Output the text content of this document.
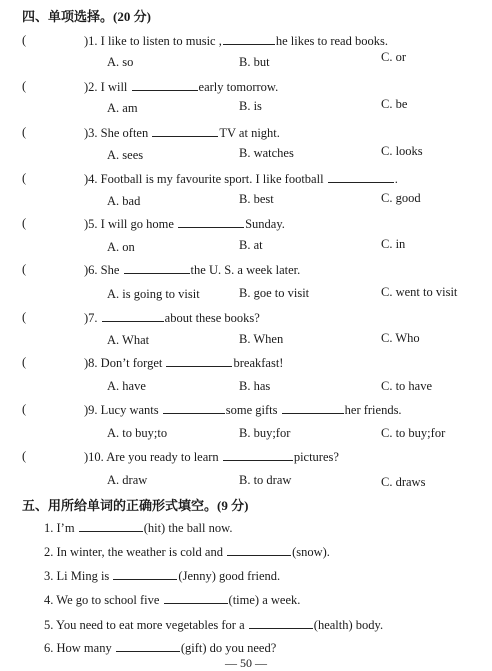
四、单项选择。(20 分)
(	)1. I like to listen to music ,	he likes to read books.
A. so	B. but	C. or
(	)2. I will	early tomorrow.
A. am	B. is	C. be
(	)3. She often	TV at night.
A. sees	B. watches	C. looks
(	)4. Football is my favourite sport. I like football	.
A. bad	B. best	C. good
(	)5. I will go home	Sunday.
A. on	B. at	C. in
(	)6. She	the U. S. a week later.
A. is going to visit	B. goe to visit	C. went to visit
(	)7.	about these books?
A. What	B. When	C. Who
(	)8. Don’t forget	breakfast!
A. have	B. has	C. to have
(	)9. Lucy wants	some gifts	her friends.
A. to buy;to	B. buy;for	C. to buy;for
(	)10. Are you ready to learn	pictures?
A. draw	B. to draw	C. draws
五、用所给单词的正确形式填空。(9 分)
1. I’m	(hit) the ball now.
2. In winter, the weather is cold and	(snow).
3. Li Ming is	(Jenny) good friend.
4. We go to school five	(time) a week.
5. You need to eat more vegetables for a	(health) body.
6. How many	(gift) do you need?
— 50 —
